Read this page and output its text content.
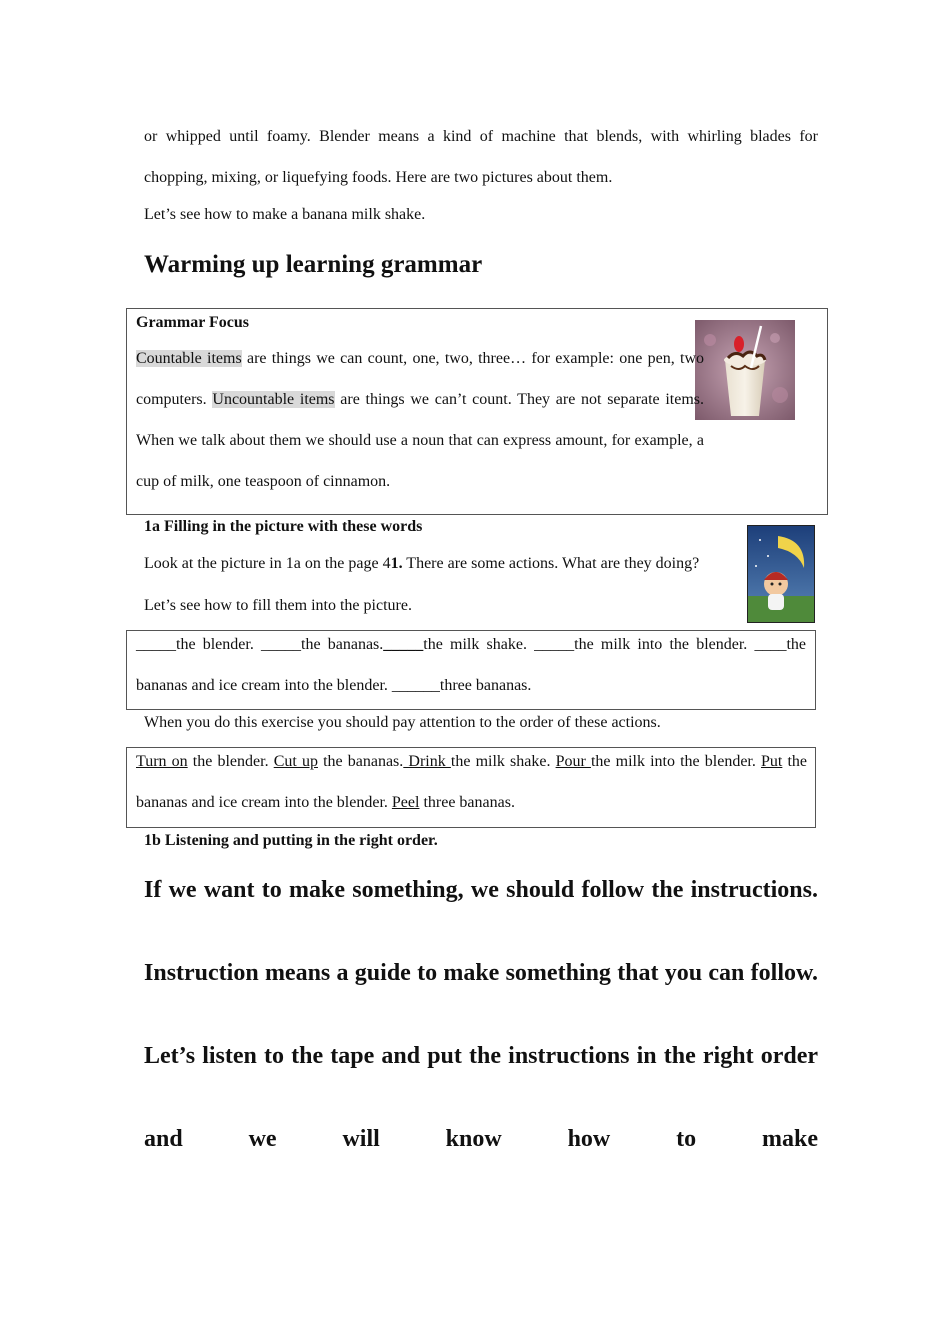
or whipped until foamy. Blender means a kind of machine that blends, with whirling blades for chopping, mixing, or liquefying foods. Here are two pictures about them.
Let’s see how to make a banana milk shake.
Warming up learning grammar
Grammar Focus
Countable items are things we can count, one, two, three… for example: one pen, two computers. Uncountable items are things we can’t count. They are not separate items. When we talk about them we should use a noun that can express amount, for example, a cup of milk, one teaspoon of cinnamon.
1a Filling in the picture with these words
Look at the picture in 1a on the page 41. There are some actions. What are they doing?
Let’s see how to fill them into the picture.
_____the blender. _____the bananas._____the milk shake. _____the milk into the blender. ____the bananas and ice cream into the blender. ______three bananas.
When you do this exercise you should pay attention to the order of these actions.
Turn on the blender. Cut up the bananas. Drink the milk shake. Pour the milk into the blender. Put the bananas and ice cream into the blender. Peel three bananas.
1b Listening and putting in the right order.
If we want to make something, we should follow the instructions. Instruction means a guide to make something that you can follow. Let’s listen to the tape and put the instructions in the right order and we will know how to make
